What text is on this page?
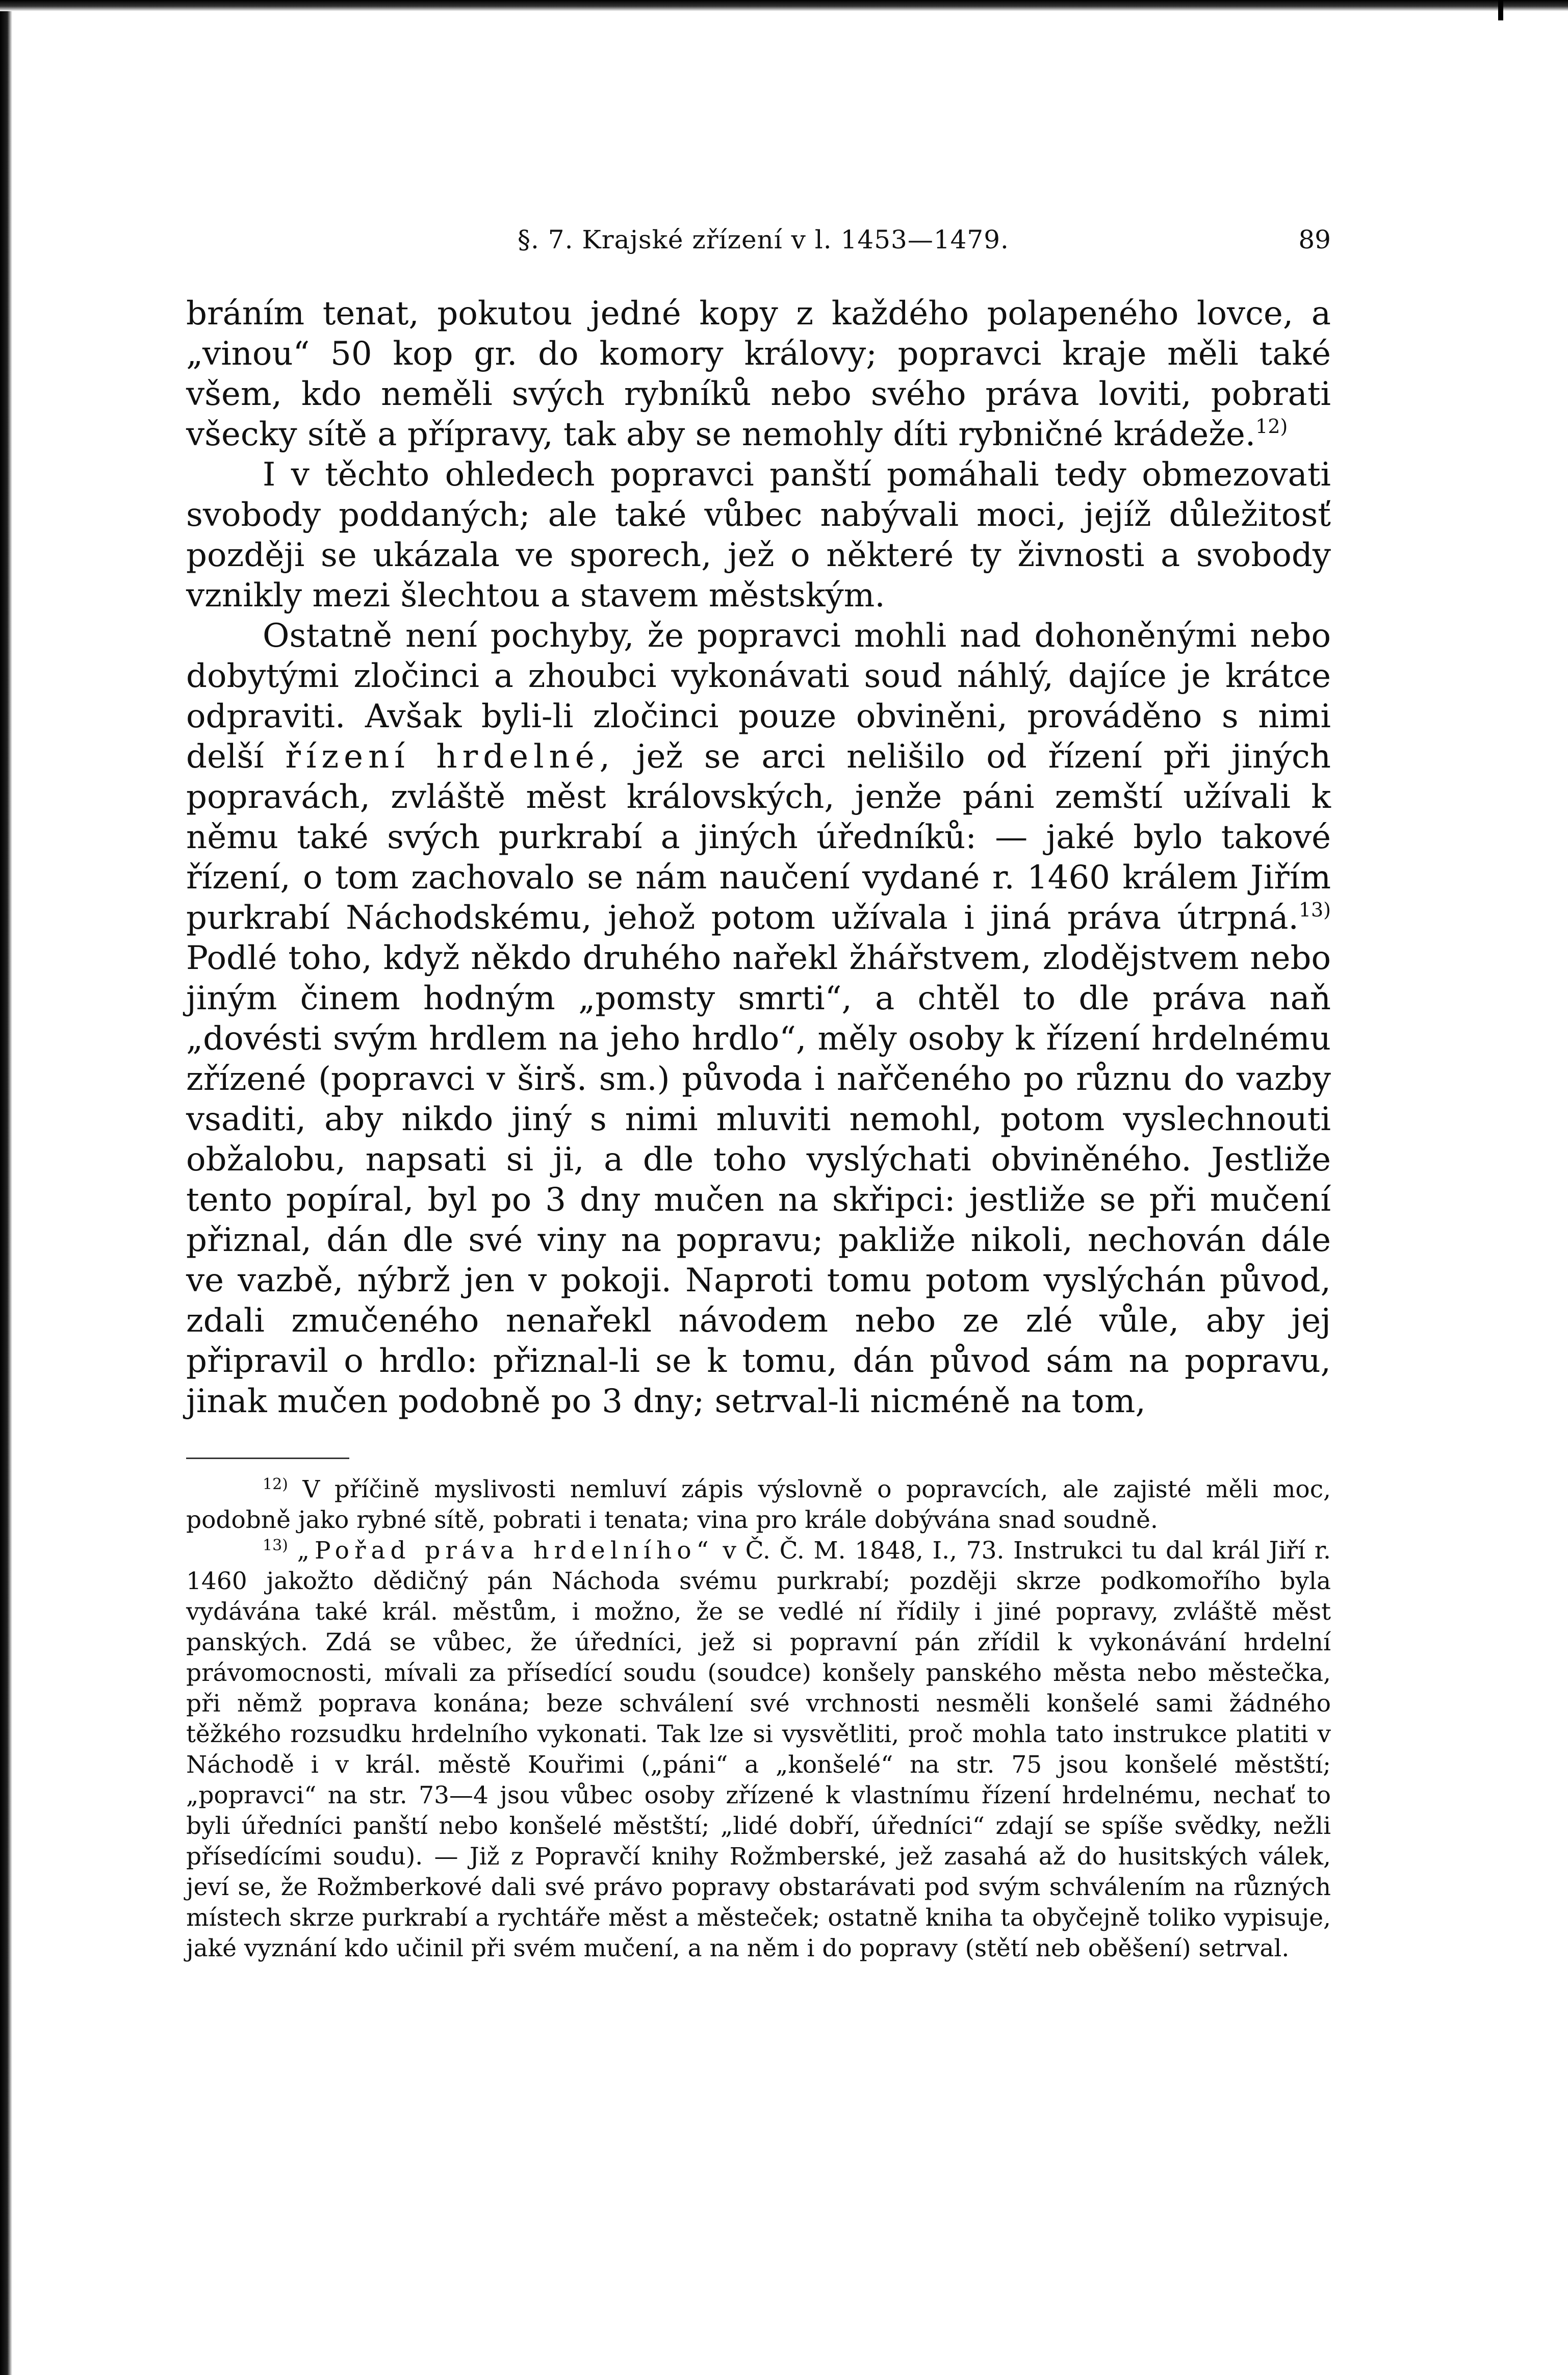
§. 7. Krajské zřízení v l. 1453—1479.	89

bráním tenat, pokutou jedné kopy z každého polapeného lovce, a „vinou“ 50 kop gr. do komory královy; popravci kraje měli také všem, kdo neměli svých rybníků nebo svého práva loviti, pobrati všecky sítě a přípravy, tak aby se nemohly díti rybničné krádeže.$^{12)}$

I v těchto ohledech popravci panští pomáhali tedy obmezovati svobody poddaných; ale také vůbec nabývali moci, jejíž důležitosť později se ukázala ve sporech, jež o některé ty živnosti a svobody vznikly mezi šlechtou a stavem městským.

Ostatně není pochyby, že popravci mohli nad dohoněnými nebo dobytými zločinci a zhoubci vykonávati soud náhlý, dajíce je krátce odpraviti. Avšak byli-li zločinci pouze obviněni, prováděno s nimi delší řízení hrdelné, jež se arci nelišilo od řízení při jiných popravách, zvláště měst královských, jenže páni zemští užívali k němu také svých purkrabí a jiných úředníků: — jaké bylo takové řízení, o tom zachovalo se nám naučení vydané r. 1460 králem Jiřím purkrabí Náchodskému, jehož potom užívala i jiná práva útrpná.$^{13)}$ Podlé toho, když někdo druhého nařekl žhářstvem, zlodějstvem nebo jiným činem hodným „pomsty smrti“, a chtěl to dle práva naň „dovésti svým hrdlem na jeho hrdlo“, měly osoby k řízení hrdelnému zřízené (popravci v širš. sm.) původa i nařčeného po různu do vazby vsaditi, aby nikdo jiný s nimi mluviti nemohl, potom vyslechnouti obžalobu, napsati si ji, a dle toho vyslýchati obviněného. Jestliže tento popíral, byl po 3 dny mučen na skřipci: jestliže se při mučení přiznal, dán dle své viny na popravu; pakliže nikoli, nechován dále ve vazbě, nýbrž jen v pokoji. Naproti tomu potom vyslýchán původ, zdali zmučeného nenařekl návodem nebo ze zlé vůle, aby jej připravil o hrdlo: přiznal-li se k tomu, dán původ sám na popravu, jinak mučen podobně po 3 dny; setrval-li nicméně na tom,

$^{12)}$ V příčině myslivosti nemluví zápis výslovně o popravcích, ale zajisté měli moc, podobně jako rybné sítě, pobrati i tenata; vina pro krále dobývána snad soudně.

$^{13)}$ „Pořad práva hrdelního“ v Č. Č. M. 1848, I., 73. Instrukci tu dal král Jiří r. 1460 jakožto dědičný pán Náchoda svému purkrabí; později skrze podkomořího byla vydávána také král. městům, i možno, že se vedlé ní řídily i jiné popravy, zvláště měst panských. Zdá se vůbec, že úředníci, jež si popravní pán zřídil k vykonávání hrdelní právomocnosti, mívali za přísedící soudu (soudce) konšely panského města nebo městečka, při němž poprava konána; beze schválení své vrchnosti nesměli konšelé sami žádného těžkého rozsudku hrdelního vykonati. Tak lze si vysvětliti, proč mohla tato instrukce platiti v Náchodě i v král. městě Kouřimi („páni“ a „konšelé“ na str. 75 jsou konšelé městští; „popravci“ na str. 73—4 jsou vůbec osoby zřízené k vlastnímu řízení hrdelnému, nechať to byli úředníci panští nebo konšelé městští; „lidé dobří, úředníci“ zdají se spíše svědky, nežli přísedícími soudu). — Již z Popravčí knihy Rožmberské, jež zasahá až do husitských válek, jeví se, že Rožmberkové dali své právo popravy obstarávati pod svým schválením na různých místech skrze purkrabí a rychtáře měst a městeček; ostatně kniha ta obyčejně toliko vypisuje, jaké vyznání kdo učinil při svém mučení, a na něm i do popravy (stětí neb oběšení) setrval.
